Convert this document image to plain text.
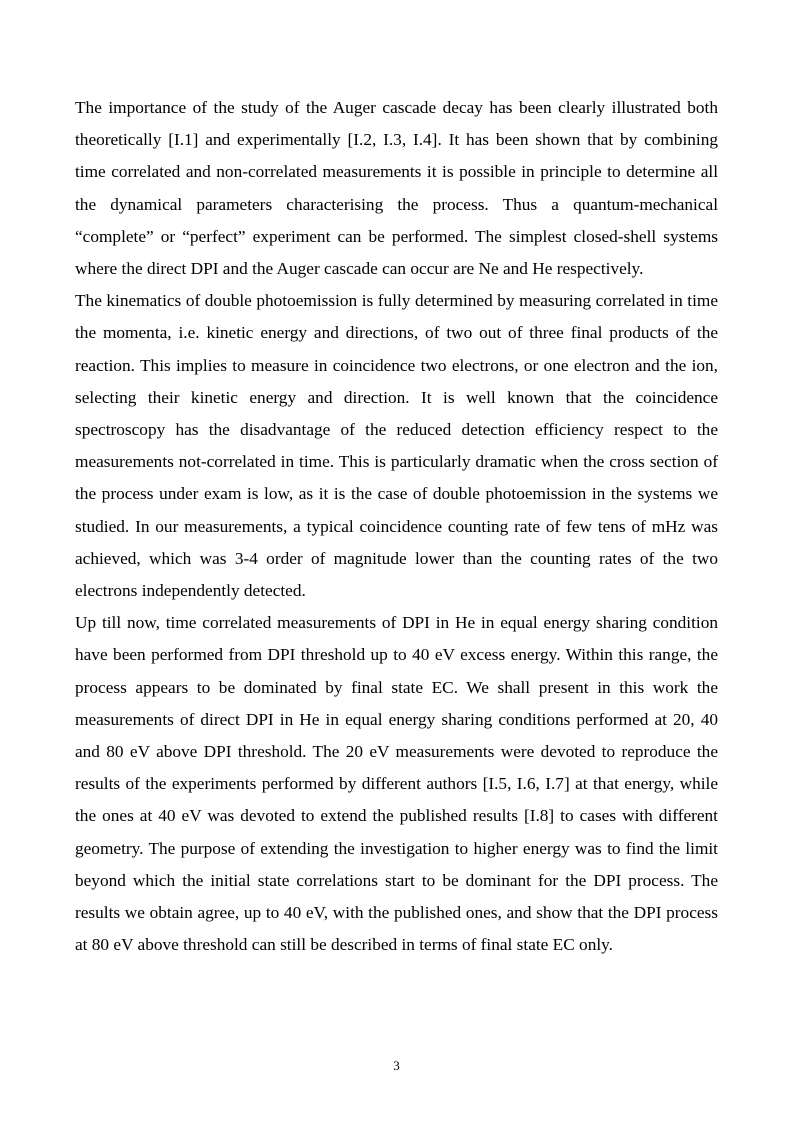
The importance of the study of the Auger cascade decay has been clearly illustrated both theoretically [I.1] and experimentally [I.2, I.3, I.4]. It has been shown that by combining time correlated and non-correlated measurements it is possible in principle to determine all the dynamical parameters characterising the process. Thus a quantum-mechanical “complete” or “perfect” experiment can be performed. The simplest closed-shell systems where the direct DPI and the Auger cascade can occur are Ne and He respectively.

The kinematics of double photoemission is fully determined by measuring correlated in time the momenta, i.e. kinetic energy and directions, of two out of three final products of the reaction. This implies to measure in coincidence two electrons, or one electron and the ion, selecting their kinetic energy and direction. It is well known that the coincidence spectroscopy has the disadvantage of the reduced detection efficiency respect to the measurements not-correlated in time. This is particularly dramatic when the cross section of the process under exam is low, as it is the case of double photoemission in the systems we studied. In our measurements, a typical coincidence counting rate of few tens of mHz was achieved, which was 3-4 order of magnitude lower than the counting rates of the two electrons independently detected.

Up till now, time correlated measurements of DPI in He in equal energy sharing condition have been performed from DPI threshold up to 40 eV excess energy. Within this range, the process appears to be dominated by final state EC. We shall present in this work the measurements of direct DPI in He in equal energy sharing conditions performed at 20, 40 and 80 eV above DPI threshold. The 20 eV measurements were devoted to reproduce the results of the experiments performed by different authors [I.5, I.6, I.7] at that energy, while the ones at 40 eV was devoted to extend the published results [I.8] to cases with different geometry. The purpose of extending the investigation to higher energy was to find the limit beyond which the initial state correlations start to be dominant for the DPI process. The results we obtain agree, up to 40 eV, with the published ones, and show that the DPI process at 80 eV above threshold can still be described in terms of final state EC only.

3
